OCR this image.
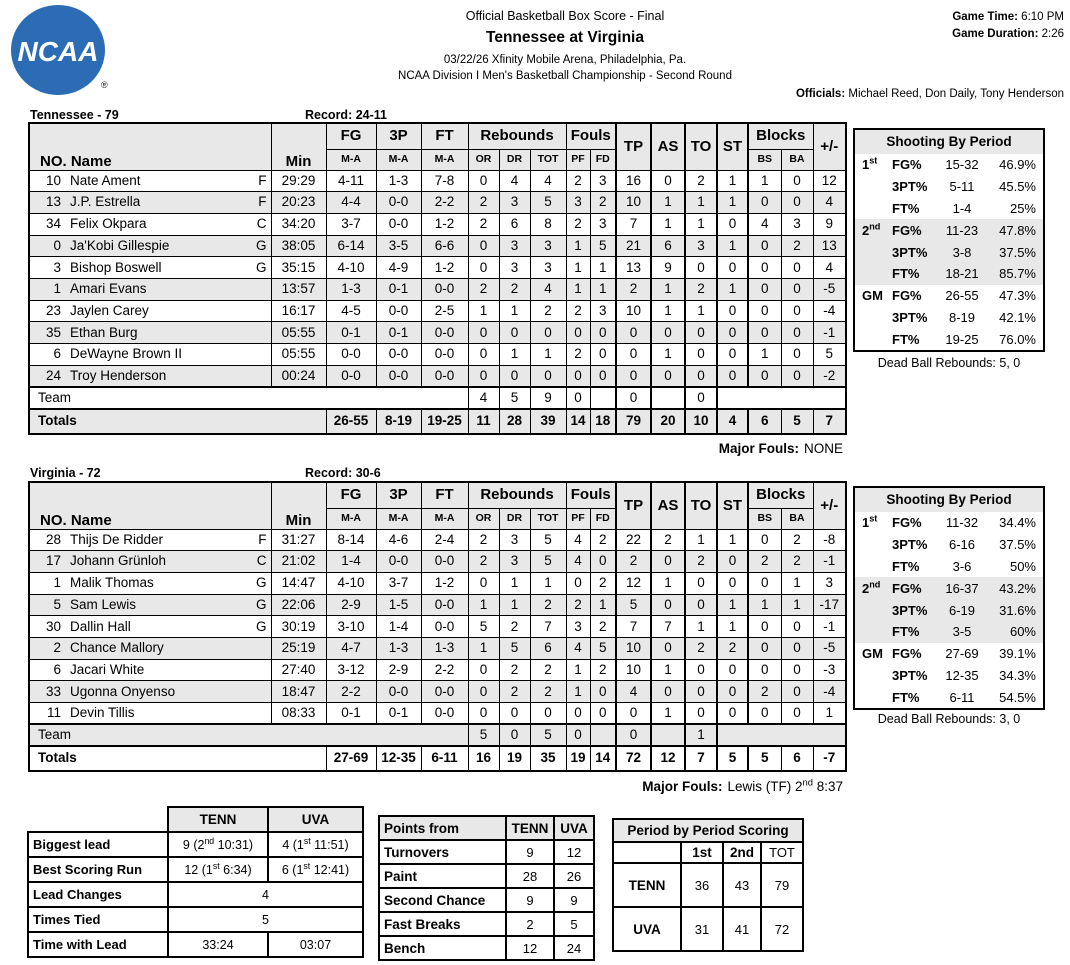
NCAA
®
Official Basketball Box Score - Final
Tennessee at Virginia
03/22/26 Xfinity Mobile Arena, Philadelphia, Pa.
NCAA Division I Men's Basketball Championship - Second Round
Game Time: 6:10 PM
Game Duration: 2:26
Officials: Michael Reed, Don Daily, Tony Henderson
Tennessee - 79	Record: 24-11
NO. Name	Min	FG	3P	FT	Rebounds			Fouls		TP	AS	TO	ST	Blocks		+/-
		M-A	M-A	M-A	OR	DR	TOT	PF	FD					BS	BA	
10 Nate Ament F	29:29	4-11	1-3	7-8	0	4	4	2	3	16	0	2	1	1	0	12
13 J.P. Estrella F	20:23	4-4	0-0	2-2	2	3	5	3	2	10	1	1	1	0	0	4
34 Felix Okpara C	34:20	3-7	0-0	1-2	2	6	8	2	3	7	1	1	0	4	3	9
0 Ja'Kobi Gillespie G	38:05	6-14	3-5	6-6	0	3	3	1	5	21	6	3	1	0	2	13
3 Bishop Boswell G	35:15	4-10	4-9	1-2	0	3	3	1	1	13	9	0	0	0	0	4
1 Amari Evans	13:57	1-3	0-1	0-0	2	2	4	1	1	2	1	2	1	0	0	-5
23 Jaylen Carey	16:17	4-5	0-0	2-5	1	1	2	2	3	10	1	1	0	0	0	-4
35 Ethan Burg	05:55	0-1	0-1	0-0	0	0	0	0	0	0	0	0	0	0	0	-1
6 DeWayne Brown II	05:55	0-0	0-0	0-0	0	1	1	2	0	0	1	0	0	1	0	5
24 Troy Henderson	00:24	0-0	0-0	0-0	0	0	0	0	0	0	0	0	0	0	0	-2
Team					4	5	9	0		0		0				
Totals		26-55	8-19	19-25	11	28	39	14	18	79	20	10	4	6	5	7
Shooting By Period
1st	FG%	15-32	46.9%
3PT%	5-11	45.5%
FT%	1-4	25%
2nd FG%	11-23	47.8%
3PT%	3-8	37.5%
FT%	18-21	85.7%
GM FG%	26-55	47.3%
3PT%	8-19	42.1%
FT%	19-25	76.0%
Dead Ball Rebounds: 5, 0
Major Fouls: NONE
Virginia - 72	Record: 30-6
NO. Name	Min	FG	3P	FT	Rebounds			Fouls		TP	AS	TO	ST	Blocks		+/-
		M-A	M-A	M-A	OR	DR	TOT	PF	FD					BS	BA	
28 Thijs De Ridder F	31:27	8-14	4-6	2-4	2	3	5	4	2	22	2	1	1	0	2	-8
17 Johann Grünloh C	21:02	1-4	0-0	0-0	2	3	5	4	0	2	0	2	0	2	2	-1
1 Malik Thomas G	14:47	4-10	3-7	1-2	0	1	1	0	2	12	1	0	0	0	1	3
5 Sam Lewis G	22:06	2-9	1-5	0-0	1	1	2	2	1	5	0	0	1	1	1	-17
30 Dallin Hall G	30:19	3-10	1-4	0-0	5	2	7	3	2	7	7	1	1	0	0	-1
2 Chance Mallory	25:19	4-7	1-3	1-3	1	5	6	4	5	10	0	2	2	0	0	-5
6 Jacari White	27:40	3-12	2-9	2-2	0	2	2	1	2	10	1	0	0	0	0	-3
33 Ugonna Onyenso	18:47	2-2	0-0	0-0	0	2	2	1	0	4	0	0	0	2	0	-4
11 Devin Tillis	08:33	0-1	0-1	0-0	0	0	0	0	0	0	1	0	0	0	0	1
Team					5	0	5	0		0		1				
Totals		27-69	12-35	6-11	16	19	35	19	14	72	12	7	5	5	6	-7
Shooting By Period
1st	FG%	11-32	34.4%
3PT%	6-16	37.5%
FT%	3-6	50%
2nd FG%	16-37	43.2%
3PT%	6-19	31.6%
FT%	3-5	60%
GM FG%	27-69	39.1%
3PT%	12-35	34.3%
FT%	6-11	54.5%
Dead Ball Rebounds: 3, 0
Major Fouls: Lewis (TF) 2nd 8:37
	TENN	UVA
Biggest lead	9 (2nd 10:31)	4 (1st 11:51)
Best Scoring Run	12 (1st 6:34)	6 (1st 12:41)
Lead Changes	4	
Times Tied	5	
Time with Lead	33:24	03:07
Points from	TENN	UVA
Turnovers	9	12
Paint	28	26
Second Chance	9	9
Fast Breaks	2	5
Bench	12	24
Period by Period Scoring			
	1st	2nd	TOT
TENN	36	43	79
UVA	31	41	72
